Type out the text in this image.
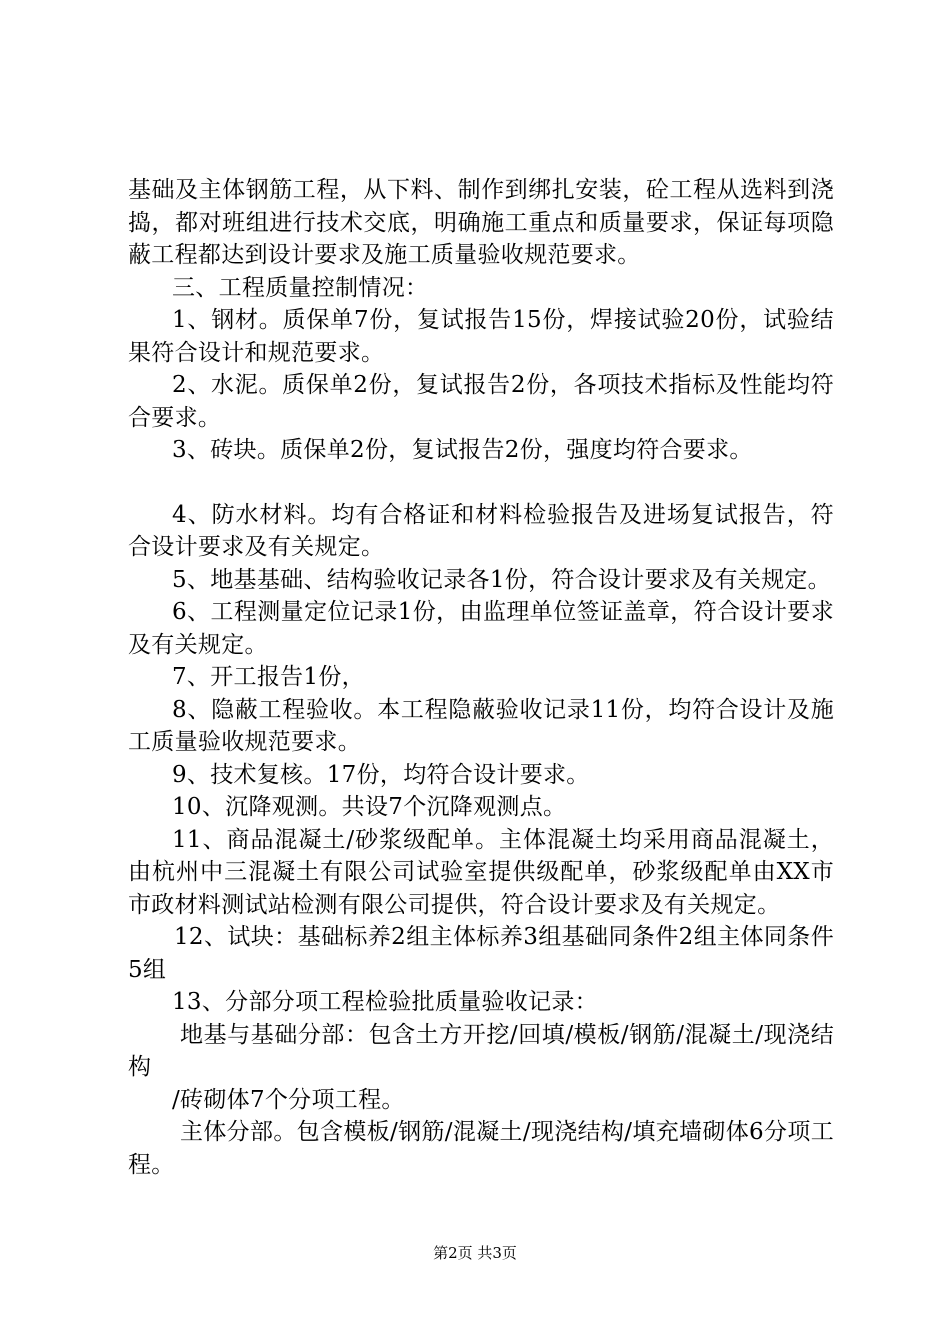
基础及主体钢筋工程，从下料、制作到绑扎安装，砼工程从选料到浇捣，都对班组进行技术交底，明确施工重点和质量要求，保证每项隐蔽工程都达到设计要求及施工质量验收规范要求。

三、工程质量控制情况：

1、钢材。质保单7份，复试报告15份，焊接试验20份，试验结果符合设计和规范要求。

2、水泥。质保单2份，复试报告2份，各项技术指标及性能均符合要求。

3、砖块。质保单2份，复试报告2份，强度均符合要求。

4、防水材料。均有合格证和材料检验报告及进场复试报告，符合设计要求及有关规定。

5、地基基础、结构验收记录各1份，符合设计要求及有关规定。

6、工程测量定位记录1份，由监理单位签证盖章，符合设计要求及有关规定。

7、开工报告1份，

8、隐蔽工程验收。本工程隐蔽验收记录11份，均符合设计及施工质量验收规范要求。

9、技术复核。17份，均符合设计要求。

10、沉降观测。共设7个沉降观测点。

11、商品混凝土/砂浆级配单。主体混凝土均采用商品混凝土，由杭州中三混凝土有限公司试验室提供级配单，砂浆级配单由XX市市政材料测试站检测有限公司提供，符合设计要求及有关规定。

12、试块：基础标养2组主体标养3组基础同条件2组主体同条件5组

13、分部分项工程检验批质量验收记录：

地基与基础分部：包含土方开挖/回填/模板/钢筋/混凝土/现浇结构

/砖砌体7个分项工程。

主体分部。包含模板/钢筋/混凝土/现浇结构/填充墙砌体6分项工程。

第2页 共3页
